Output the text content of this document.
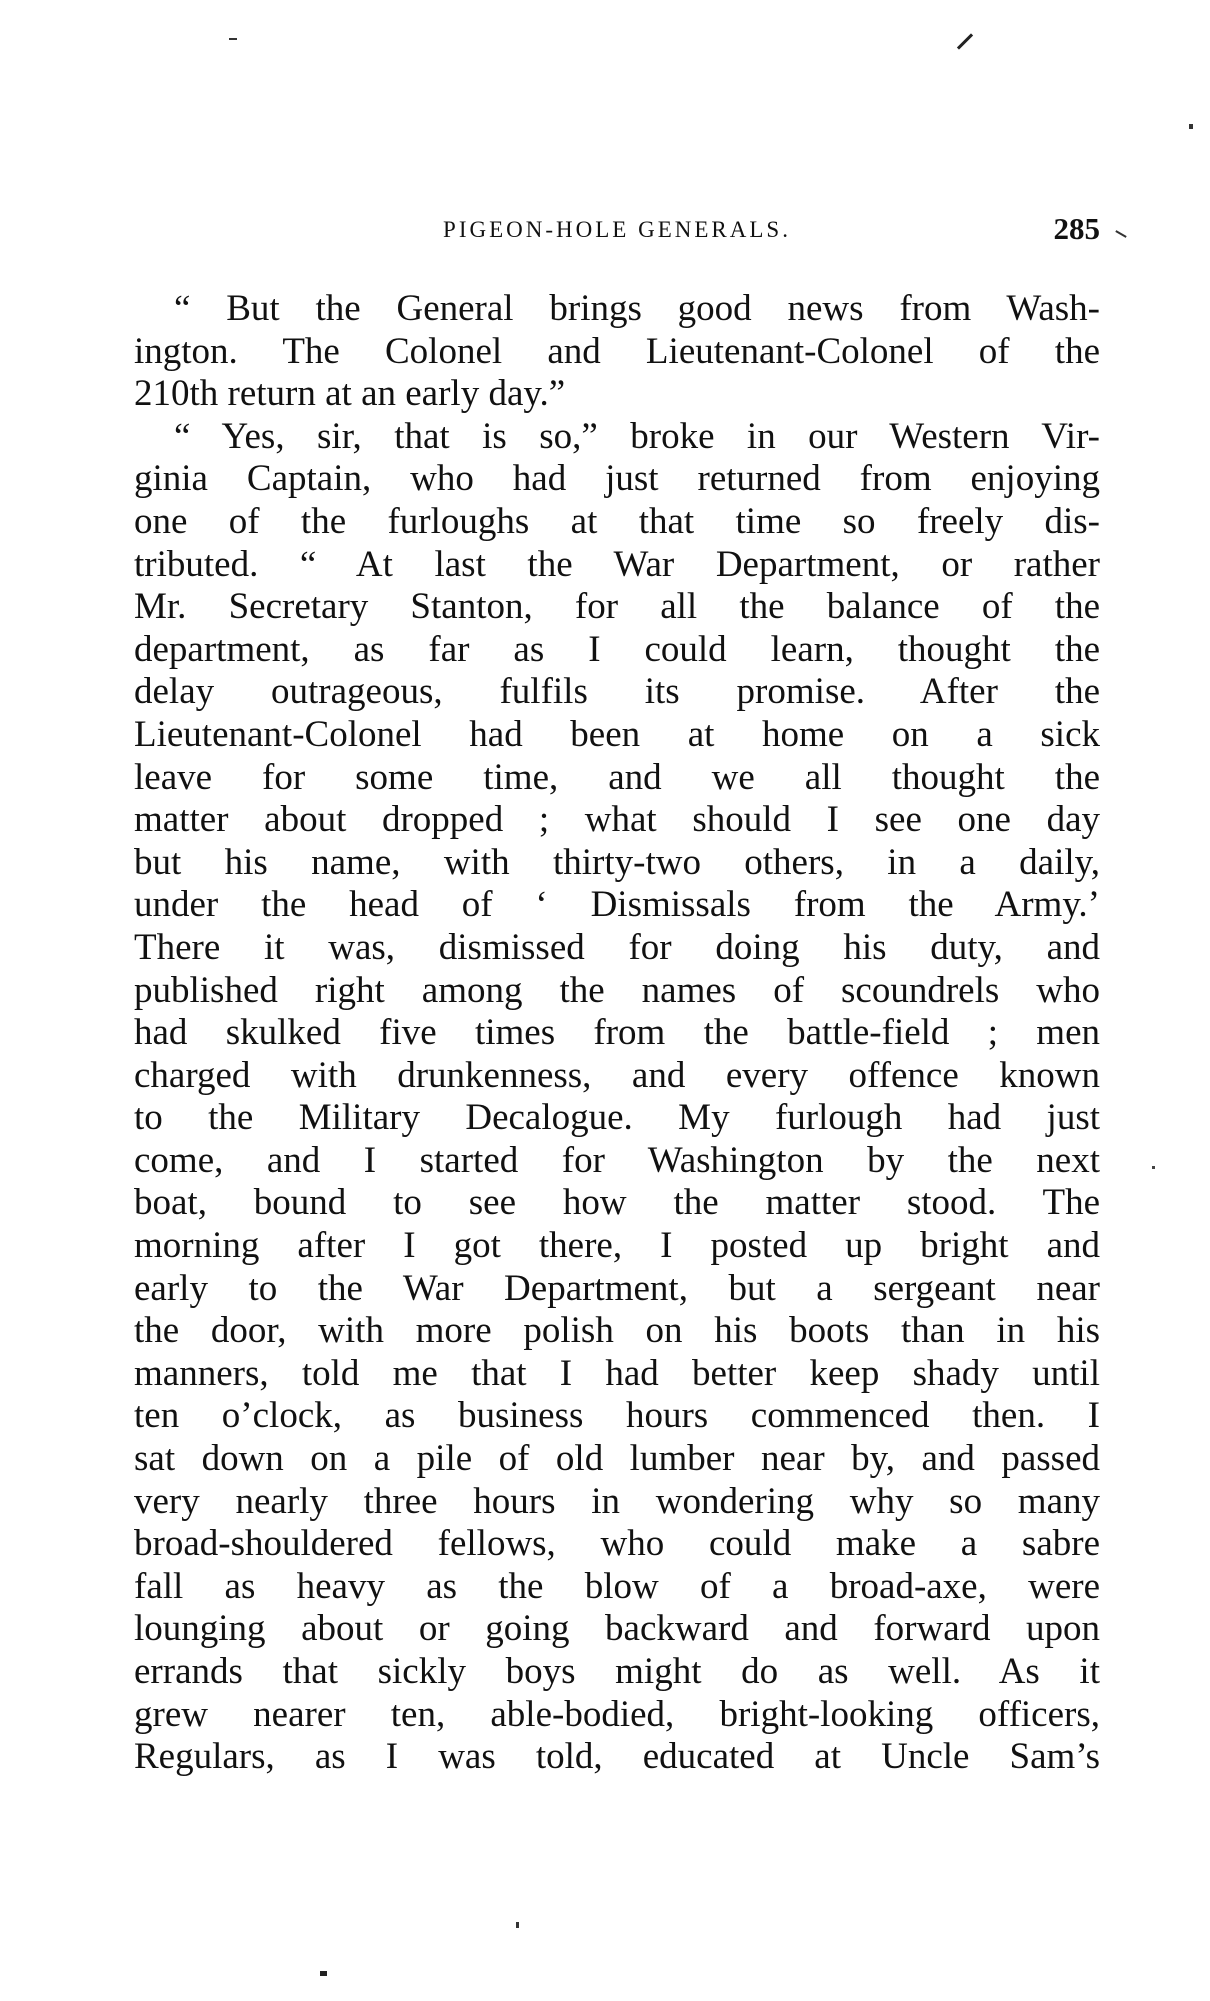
PIGEON-HOLE GENERALS.	285
“ But the General brings good news from Wash-
ington. The Colonel and Lieutenant-Colonel of the
210th return at an early day.”
“ Yes, sir, that is so,” broke in our Western Vir-
ginia Captain, who had just returned from enjoying
one of the furloughs at that time so freely dis-
tributed. “ At last the War Department, or rather
Mr. Secretary Stanton, for all the balance of the
department, as far as I could learn, thought the
delay outrageous, fulfils its promise. After the
Lieutenant-Colonel had been at home on a sick
leave for some time, and we all thought the
matter about dropped ; what should I see one day
but his name, with thirty-two others, in a daily,
under the head of ‘ Dismissals from the Army.’
There it was, dismissed for doing his duty, and
published right among the names of scoundrels who
had skulked five times from the battle-field ; men
charged with drunkenness, and every offence known
to the Military Decalogue. My furlough had just
come, and I started for Washington by the next
boat, bound to see how the matter stood. The
morning after I got there, I posted up bright and
early to the War Department, but a sergeant near
the door, with more polish on his boots than in his
manners, told me that I had better keep shady until
ten o’clock, as business hours commenced then. I
sat down on a pile of old lumber near by, and passed
very nearly three hours in wondering why so many
broad-shouldered fellows, who could make a sabre
fall as heavy as the blow of a broad-axe, were
lounging about or going backward and forward upon
errands that sickly boys might do as well. As it
grew nearer ten, able-bodied, bright-looking officers,
Regulars, as I was told, educated at Uncle Sam’s
